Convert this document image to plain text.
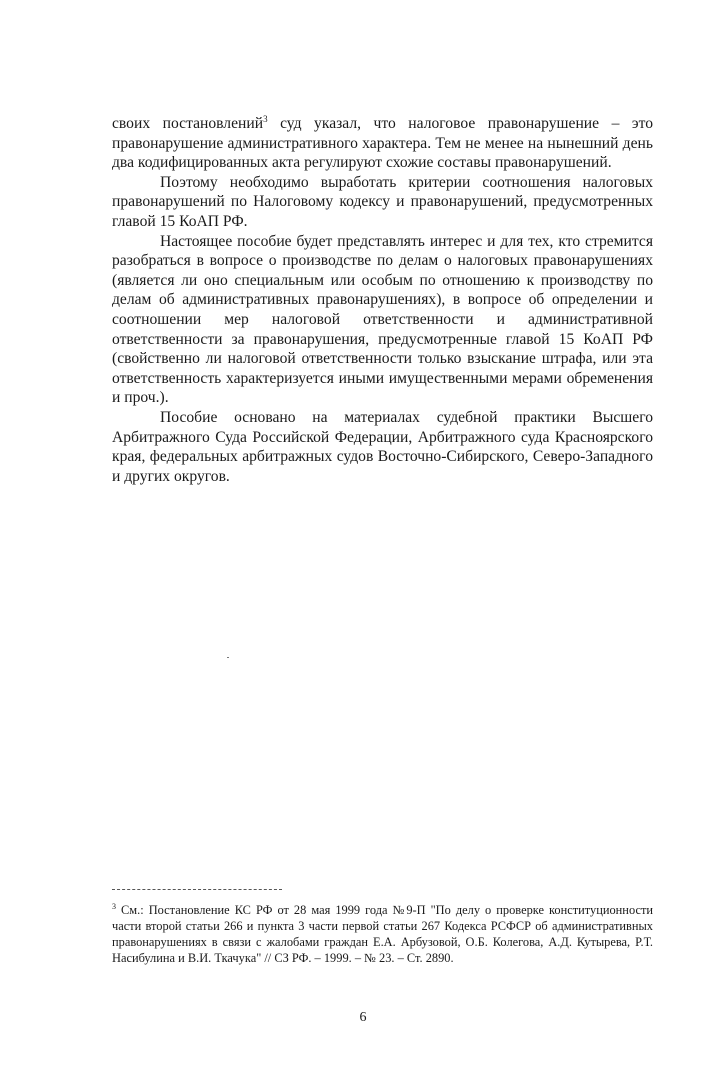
своих постановлений$^3$ суд указал, что налоговое правонарушение – это правонарушение административного характера. Тем не менее на нынешний день два кодифицированных акта регулируют схожие составы правонарушений.

Поэтому необходимо выработать критерии соотношения налоговых правонарушений по Налоговому кодексу и правонарушений, предусмотренных главой 15 КоАП РФ.

Настоящее пособие будет представлять интерес и для тех, кто стремится разобраться в вопросе о производстве по делам о налоговых правонарушениях (является ли оно специальным или особым по отношению к производству по делам об административных правонарушениях), в вопросе об определении и соотношении мер налоговой ответственности и административной ответственности за правонарушения, предусмотренные главой 15 КоАП РФ (свойственно ли налоговой ответственности только взыскание штрафа, или эта ответственность характеризуется иными имущественными мерами обременения и проч.).

Пособие основано на материалах судебной практики Высшего Арбитражного Суда Российской Федерации, Арбитражного суда Красноярского края, федеральных арбитражных судов Восточно-Сибирского, Северо-Западного и других округов.

$^3$ См.: Постановление КС РФ от 28 мая 1999 года №9-П "По делу о проверке конституционности части второй статьи 266 и пункта 3 части первой статьи 267 Кодекса РСФСР об административных правонарушениях в связи с жалобами граждан Е.А. Арбузовой, О.Б. Колегова, А.Д. Кутырева, Р.Т. Насибулина и В.И. Ткачука" // СЗ РФ. – 1999. – № 23. – Ст. 2890.
6
